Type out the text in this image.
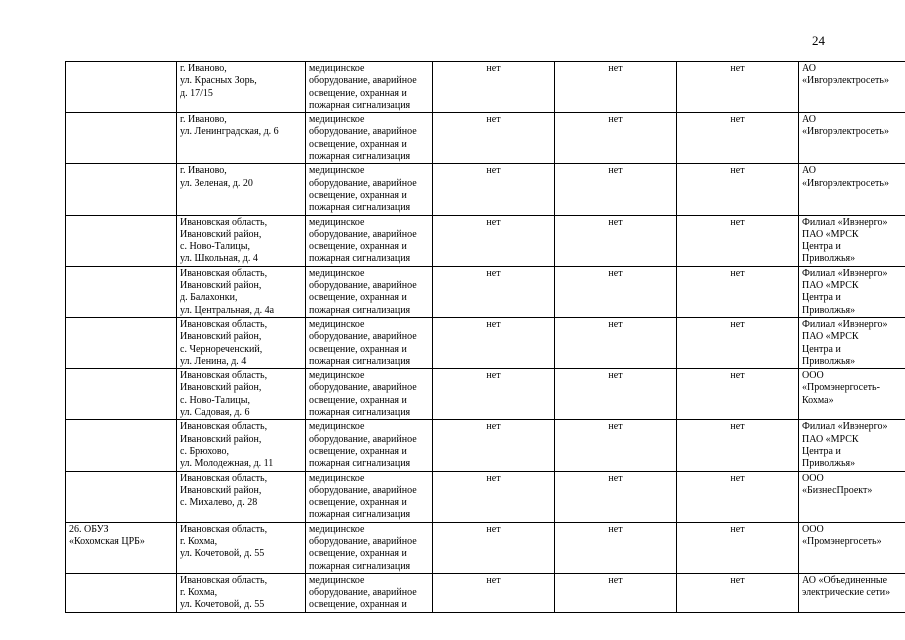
24

	г. Иваново,
ул. Красных Зорь,
д. 17/15	медицинское
оборудование, аварийное
освещение, охранная и
пожарная сигнализация	нет	нет	нет	АО
«Ивгорэлектросеть»

	г. Иваново,
ул. Ленинградская, д. 6	медицинское
оборудование, аварийное
освещение, охранная и
пожарная сигнализация	нет	нет	нет	АО
«Ивгорэлектросеть»

	г. Иваново,
ул. Зеленая, д. 20	медицинское
оборудование, аварийное
освещение, охранная и
пожарная сигнализация	нет	нет	нет	АО
«Ивгорэлектросеть»

	Ивановская область,
Ивановский район,
с. Ново-Талицы,
ул. Школьная, д. 4	медицинское
оборудование, аварийное
освещение, охранная и
пожарная сигнализация	нет	нет	нет	Филиал «Ивэнерго»
ПАО «МРСК
Центра и
Приволжья»

	Ивановская область,
Ивановский район,
д. Балахонки,
ул. Центральная, д. 4а	медицинское
оборудование, аварийное
освещение, охранная и
пожарная сигнализация	нет	нет	нет	Филиал «Ивэнерго»
ПАО «МРСК
Центра и
Приволжья»

	Ивановская область,
Ивановский район,
с. Чернореченский,
ул. Ленина, д. 4	медицинское
оборудование, аварийное
освещение, охранная и
пожарная сигнализация	нет	нет	нет	Филиал «Ивэнерго»
ПАО «МРСК
Центра и
Приволжья»

	Ивановская область,
Ивановский район,
с. Ново-Талицы,
ул. Садовая, д. 6	медицинское
оборудование, аварийное
освещение, охранная и
пожарная сигнализация	нет	нет	нет	ООО
«Промэнергосеть-
Кохма»

	Ивановская область,
Ивановский район,
с. Брюхово,
ул. Молодежная, д. 11	медицинское
оборудование, аварийное
освещение, охранная и
пожарная сигнализация	нет	нет	нет	Филиал «Ивэнерго»
ПАО «МРСК
Центра и
Приволжья»

	Ивановская область,
Ивановский район,
с. Михалево, д. 28	медицинское
оборудование, аварийное
освещение, охранная и
пожарная сигнализация	нет	нет	нет	ООО
«БизнесПроект»

26. ОБУЗ
«Кохомская ЦРБ»	Ивановская область,
г. Кохма,
ул. Кочетовой, д. 55	медицинское
оборудование, аварийное
освещение, охранная и
пожарная сигнализация	нет	нет	нет	ООО
«Промэнергосеть»

	Ивановская область,
г. Кохма,
ул. Кочетовой, д. 55	медицинское
оборудование, аварийное
освещение, охранная и	нет	нет	нет	АО «Объединенные
электрические сети»
